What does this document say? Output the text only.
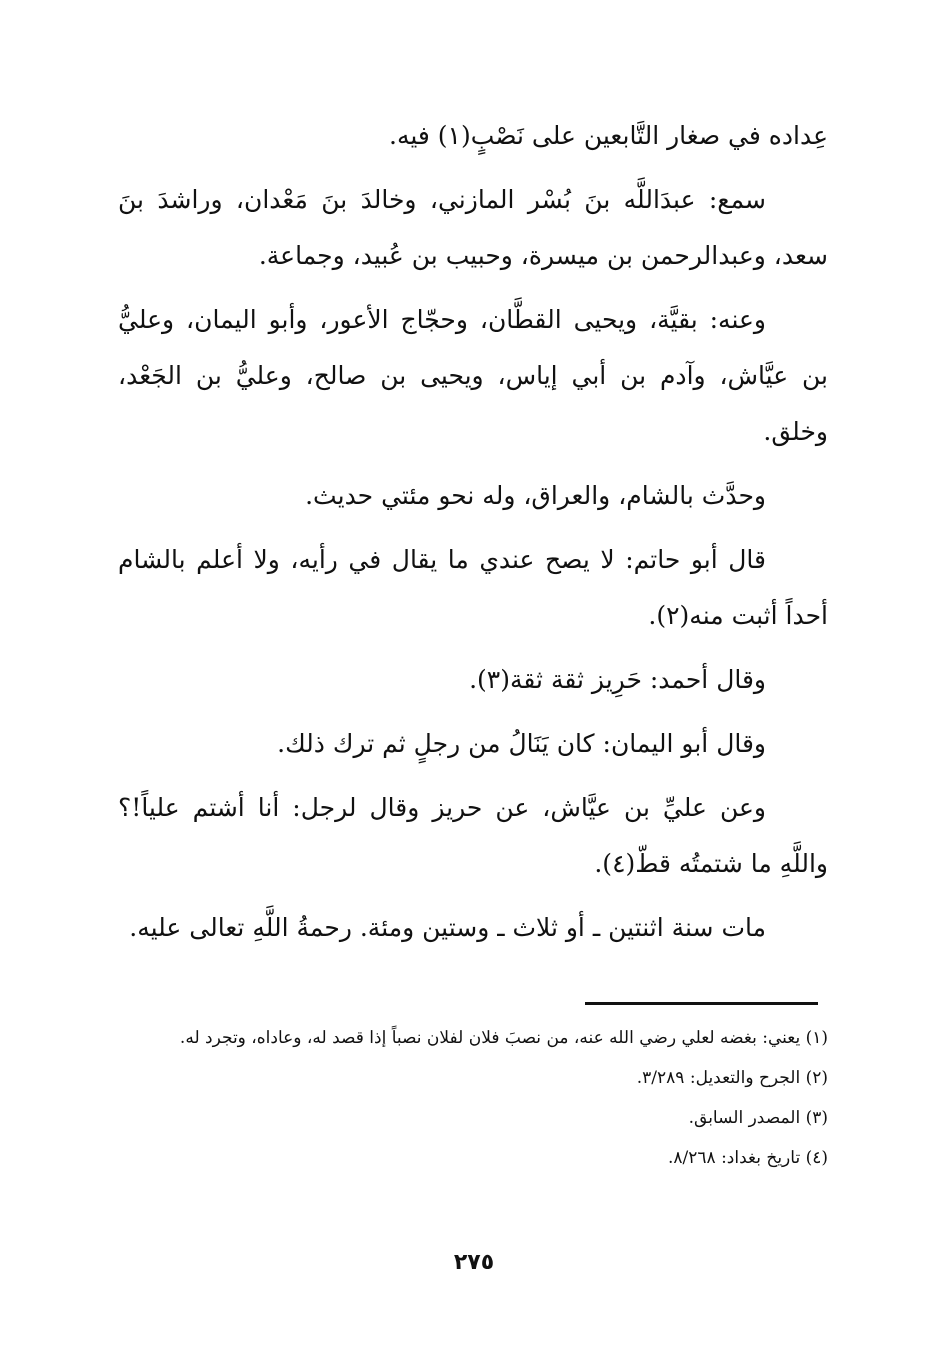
عِداده في صغار التَّابعين على نَصْبٍ(١) فيه.

سمع: عبدَاللَّه بنَ بُسْر المازني، وخالدَ بنَ مَعْدان، وراشدَ بنَ سعد، وعبدالرحمن بن ميسرة، وحبيب بن عُبيد، وجماعة.

وعنه: بقيَّة، ويحيى القطَّان، وحجّاج الأعور، وأبو اليمان، وعليُّ بن عيَّاش، وآدم بن أبي إياس، ويحيى بن صالح، وعليُّ بن الجَعْد، وخلق.

وحدَّث بالشام، والعراق، وله نحو مئتي حديث.

قال أبو حاتم: لا يصح عندي ما يقال في رأيه، ولا أعلم بالشام أحداً أثبت منه(٢).

وقال أحمد: حَرِيز ثقة ثقة(٣).

وقال أبو اليمان: كان يَنَالُ من رجلٍ ثم ترك ذلك.

وعن عليِّ بن عيَّاش، عن حريز وقال لرجل: أنا أشتم علياً!؟ واللَّهِ ما شتمتُه قطّ(٤).

مات سنة اثنتين ـ أو ثلاث ـ وستين ومئة. رحمةُ اللَّهِ تعالى عليه.

(١) يعني: بغضه لعلي رضي الله عنه، من نصبَ فلان لفلان نصباً إذا قصد له، وعاداه، وتجرد له.

(٢) الجرح والتعديل: ٣/٢٨٩.

(٣) المصدر السابق.

(٤) تاريخ بغداد: ٨/٢٦٨.

٢٧٥
